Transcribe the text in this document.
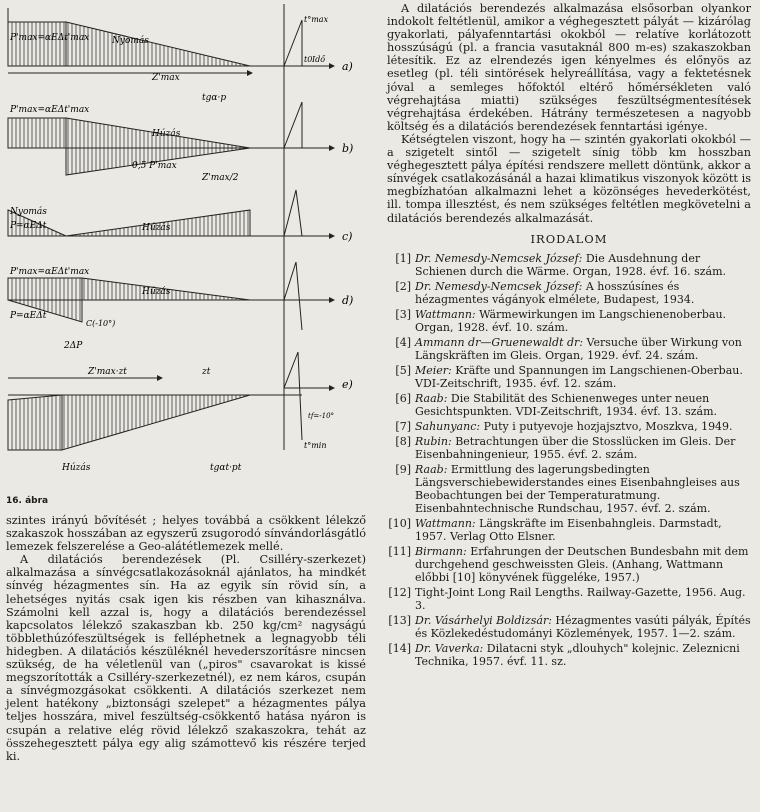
P'max=αEΔt'max	Nyomás
Z'max
tgα·p
a)
P'max=αEΔt'max
Húzás
0,5 P'max
Z'max/2
b)
Nyomás
P=αEΔt	Húzás
c)
P'max=αEΔt'max
Húzás
P=αEΔt
C(-10°)
d)
2ΔP
Z'max·zt	zt
Húzás	tgαt·pt
e)
t°max
t0 Idő
tf=-10°
t°min
16. ábra

szintes irányú bővítését ; helyes továbbá a csökkent lélekző szakaszok hosszában az egyszerű zsugorodó sínvándorlásgátló lemezek felszerelése a Geo-alátétlemezek mellé.

A dilatációs berendezések (Pl. Csilléry-szerkezet) alkalmazása a sínvégcsatlakozásoknál ajánlatos, ha mindkét sínvég hézagmentes sín. Ha az egyik sín rövid sín, a lehetséges nyitás csak igen kis részben van kihasználva. Számolni kell azzal is, hogy a dilatációs berendezéssel kapcsolatos lélekző szakaszban kb. 250 kg/cm² nagyságú többlethúzófeszültségek is felléphetnek a legnagyobb téli hidegben. A dilatációs készüléknél hevederszorításre nincsen szükség, de ha véletlenül van („piros" csavarokat is kissé megszorították a Csilléry-szerkezetnél), ez nem káros, csupán a sínvégmozgásokat csökkenti. A dilatációs szerkezet nem jelent hatékony „biztonsági szelepet" a hézagmentes pálya teljes hosszára, mivel feszültség-csökkentő hatása nyáron is csupán a relative elég rövid lélekző szakaszokra, tehát az összehegesztett pálya egy alig számottevő kis részére terjed ki.

A dilatációs berendezés alkalmazása elsősorban olyankor indokolt feltétlenül, amikor a véghegesztett pályát — kizárólag gyakorlati, pályafenntartási okokból — relatíve korlátozott hosszúságú (pl. a francia vasutaknál 800 m-es) szakaszokban létesítik. Ez az elrendezés igen kényelmes és előnyös az esetleg (pl. téli sintörések helyreállítása, vagy a fektetésnek jóval a semleges hőfoktól eltérő hőmérsékleten való végrehajtása miatti) szükséges feszültségmentesítések végrehajtása érdekében. Hátrány természetesen a nagyobb költség és a dilatációs berendezések fenntartási igénye.

Kétségtelen viszont, hogy ha — szintén gyakorlati okokból — a szigetelt sintől — szigetelt sínig több km hosszban véghegesztett pálya építési rendszere mellett döntünk, akkor a sínvégek csatlakozásánál a hazai klimatikus viszonyok között is megbízhatóan alkalmazni lehet a közönséges hevederkötést, ill. tompa illesztést, és nem szükséges feltétlen megkövetelni a dilatációs berendezés alkalmazását.

IRODALOM
[1] Dr. Nemesdy-Nemcsek József: Die Ausdehnung der Schienen durch die Wärme. Organ, 1928. évf. 16. szám.
[2] Dr. Nemesdy-Nemcsek József: A hosszúsínes és hézagmentes vágányok elmélete, Budapest, 1934.
[3] Wattmann: Wärmewirkungen im Langschienenoberbau. Organ, 1928. évf. 10. szám.
[4] Ammann dr—Gruenewaldt dr: Versuche über Wirkung von Längskräften im Gleis. Organ, 1929. évf. 24. szám.
[5] Meier: Kräfte und Spannungen im Langschienen-Oberbau. VDI-Zeitschrift, 1935. évf. 12. szám.
[6] Raab: Die Stabilität des Schienenweges unter neuen Gesichtspunkten. VDI-Zeitschrift, 1934. évf. 13. szám.
[7] Sahunyanc: Puty i putyevoje hozjajsztvo, Moszkva, 1949.
[8] Rubin: Betrachtungen über die Stosslücken im Gleis. Der Eisenbahningenieur, 1955. évf. 2. szám.
[9] Raab: Ermittlung des lagerungsbedingten Längsverschiebewiderstandes eines Eisenbahngleises aus Beobachtungen bei der Temperaturatmung. Eisenbahntechnische Rundschau, 1957. évf. 2. szám.
[10] Wattmann: Längskräfte im Eisenbahngleis. Darmstadt, 1957. Verlag Otto Elsner.
[11] Birmann: Erfahrungen der Deutschen Bundesbahn mit dem durchgehend geschweissten Gleis. (Anhang, Wattmann előbbi [10] könyvének függeléke, 1957.)
[12] Tight-Joint Long Rail Lengths. Railway-Gazette, 1956. Aug. 3.
[13] Dr. Vásárhelyi Boldizsár: Hézagmentes vasúti pályák, Építés és Közlekedéstudományi Közlemények, 1957. 1—2. szám.
[14] Dr. Vaverka: Dilatacni styk „dlouhych" kolejnic. Zeleznicni Technika, 1957. évf. 11. sz.
